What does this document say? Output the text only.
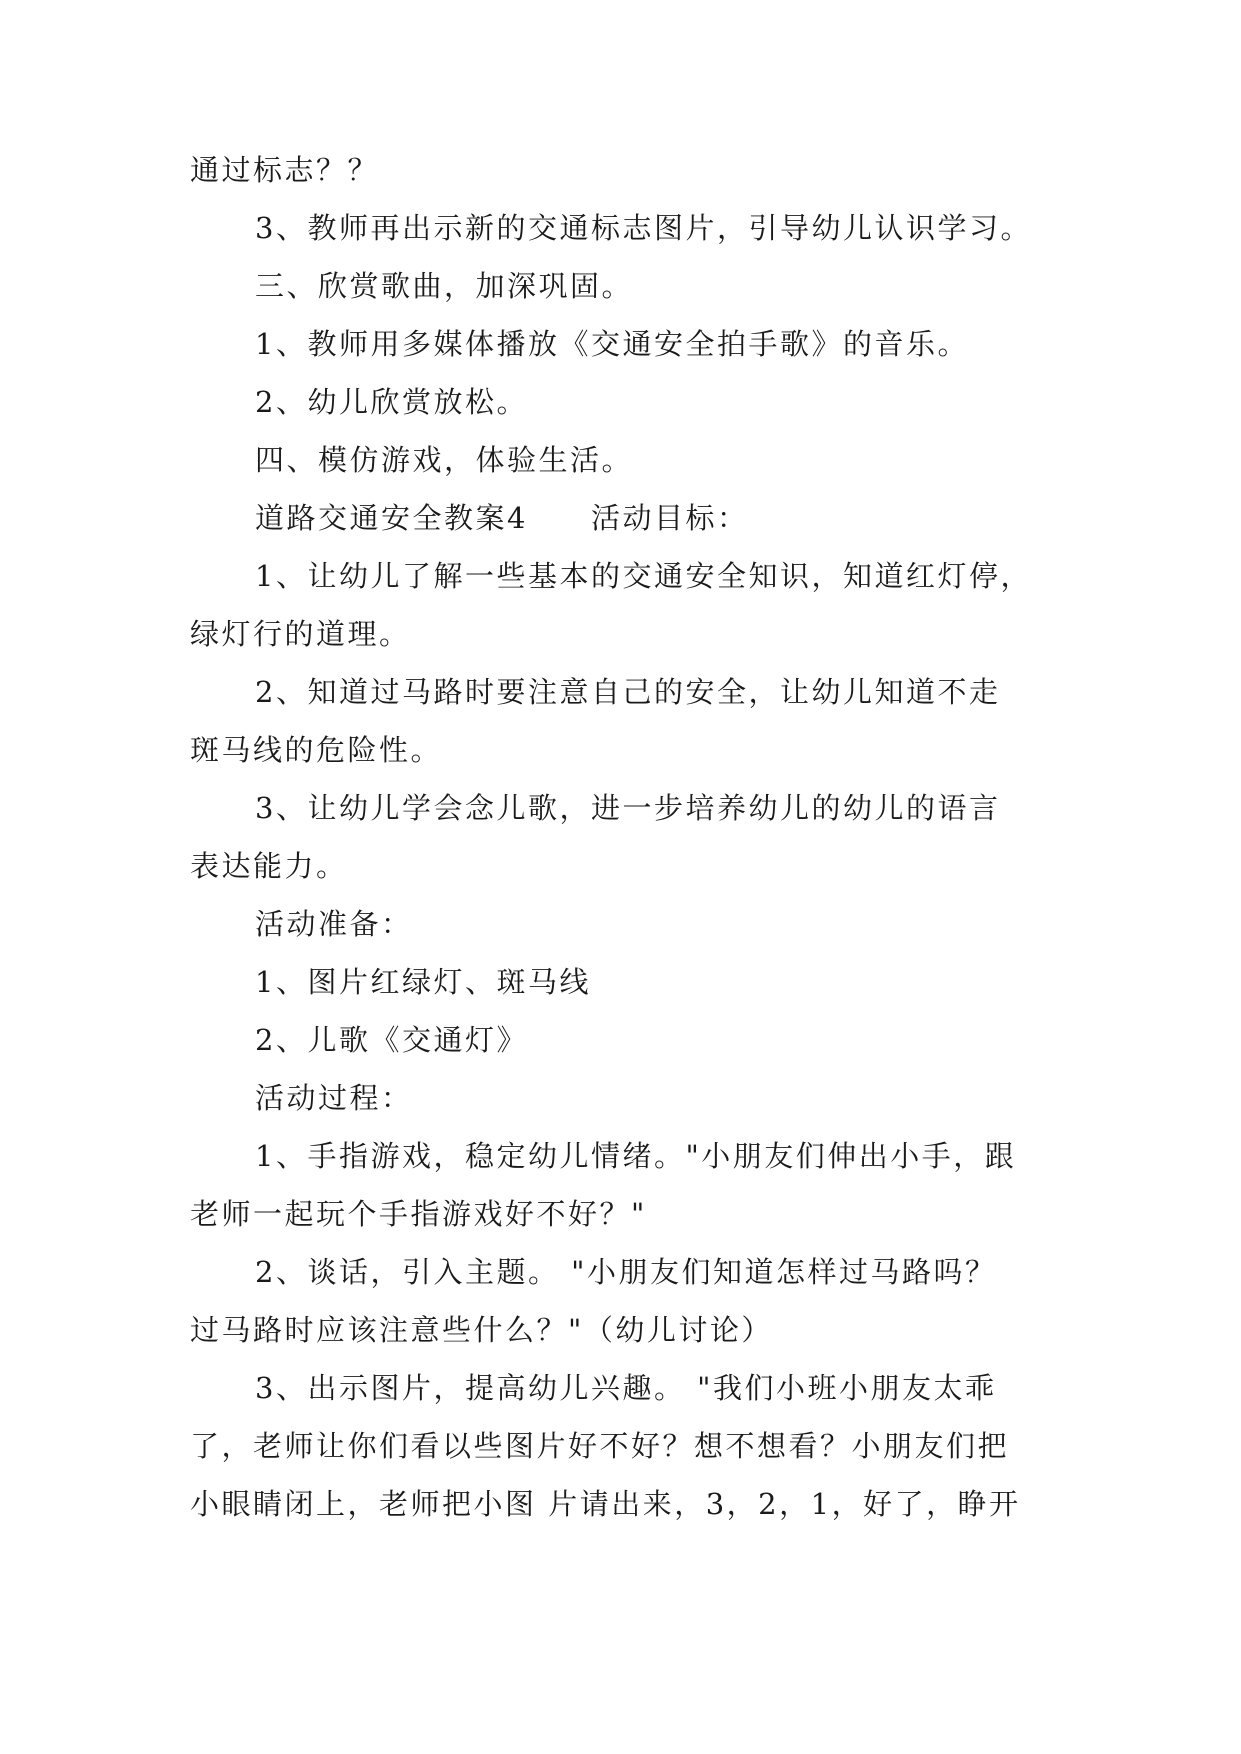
通过标志？？
3、教师再出示新的交通标志图片，引导幼儿认识学习。
三、欣赏歌曲，加深巩固。
1、教师用多媒体播放《交通安全拍手歌》的音乐。
2、幼儿欣赏放松。
四、模仿游戏，体验生活。
道路交通安全教案4　　活动目标：
1、让幼儿了解一些基本的交通安全知识，知道红灯停，
绿灯行的道理。
2、知道过马路时要注意自己的安全，让幼儿知道不走
斑马线的危险性。
3、让幼儿学会念儿歌，进一步培养幼儿的幼儿的语言
表达能力。
活动准备：
1、图片红绿灯、斑马线
2、儿歌《交通灯》
活动过程：
1、手指游戏，稳定幼儿情绪。"小朋友们伸出小手，跟
老师一起玩个手指游戏好不好？"
2、谈话，引入主题。 "小朋友们知道怎样过马路吗？
过马路时应该注意些什么？"（幼儿讨论）
3、出示图片，提高幼儿兴趣。 "我们小班小朋友太乖
了，老师让你们看以些图片好不好？想不想看？小朋友们把
小眼睛闭上，老师把小图 片请出来，3，2，1，好了，睁开
